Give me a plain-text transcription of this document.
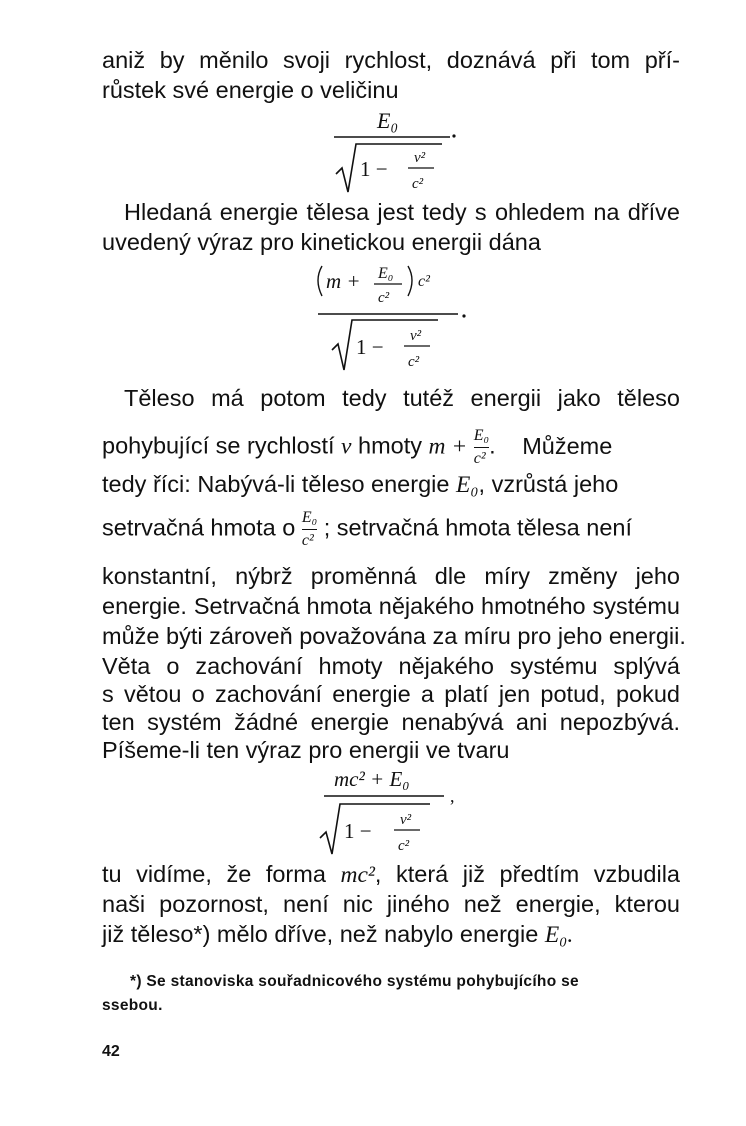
aniž by měnilo svoji rychlost, doznává při tom pří-
růstek své energie o veličinu
E₀
1 − v²
c²
Hledaná energie tělesa jest tedy s ohledem na dříve
uvedený výraz pro kinetickou energii dána
m + E₀
c²
c²
1 − v²
c²
Těleso má potom tedy tutéž energii jako těleso
pohybující se rychlostí v hmoty $m + \frac{\text{E₀}}{\text{c²}}$ . Můžeme
tedy říci: Nabývá-li těleso energie E₀, vzrůstá jeho
setrvačná hmota o $\frac{\text{E₀}}{\text{c²}}$ ; setrvačná hmota tělesa není
konstantní, nýbrž proměnná dle míry změny jeho
energie. Setrvačná hmota nějakého hmotného systému
může býti zároveň považována za míru pro jeho energii.
Věta o zachování hmoty nějakého systému splývá
s větou o zachování energie a platí jen potud, pokud
ten systém žádné energie nenabývá ani nepozbývá.
Píšeme-li ten výraz pro energii ve tvaru
mc² + E₀
1 − v²
c²
,
tu vidíme, že forma mc², která již předtím vzbudila
naši pozornost, není nic jiného než energie, kterou
již těleso*) mělo dříve, než nabylo energie E₀.
*) Se stanoviska souřadnicového systému pohybujícího se
ssebou.
42
